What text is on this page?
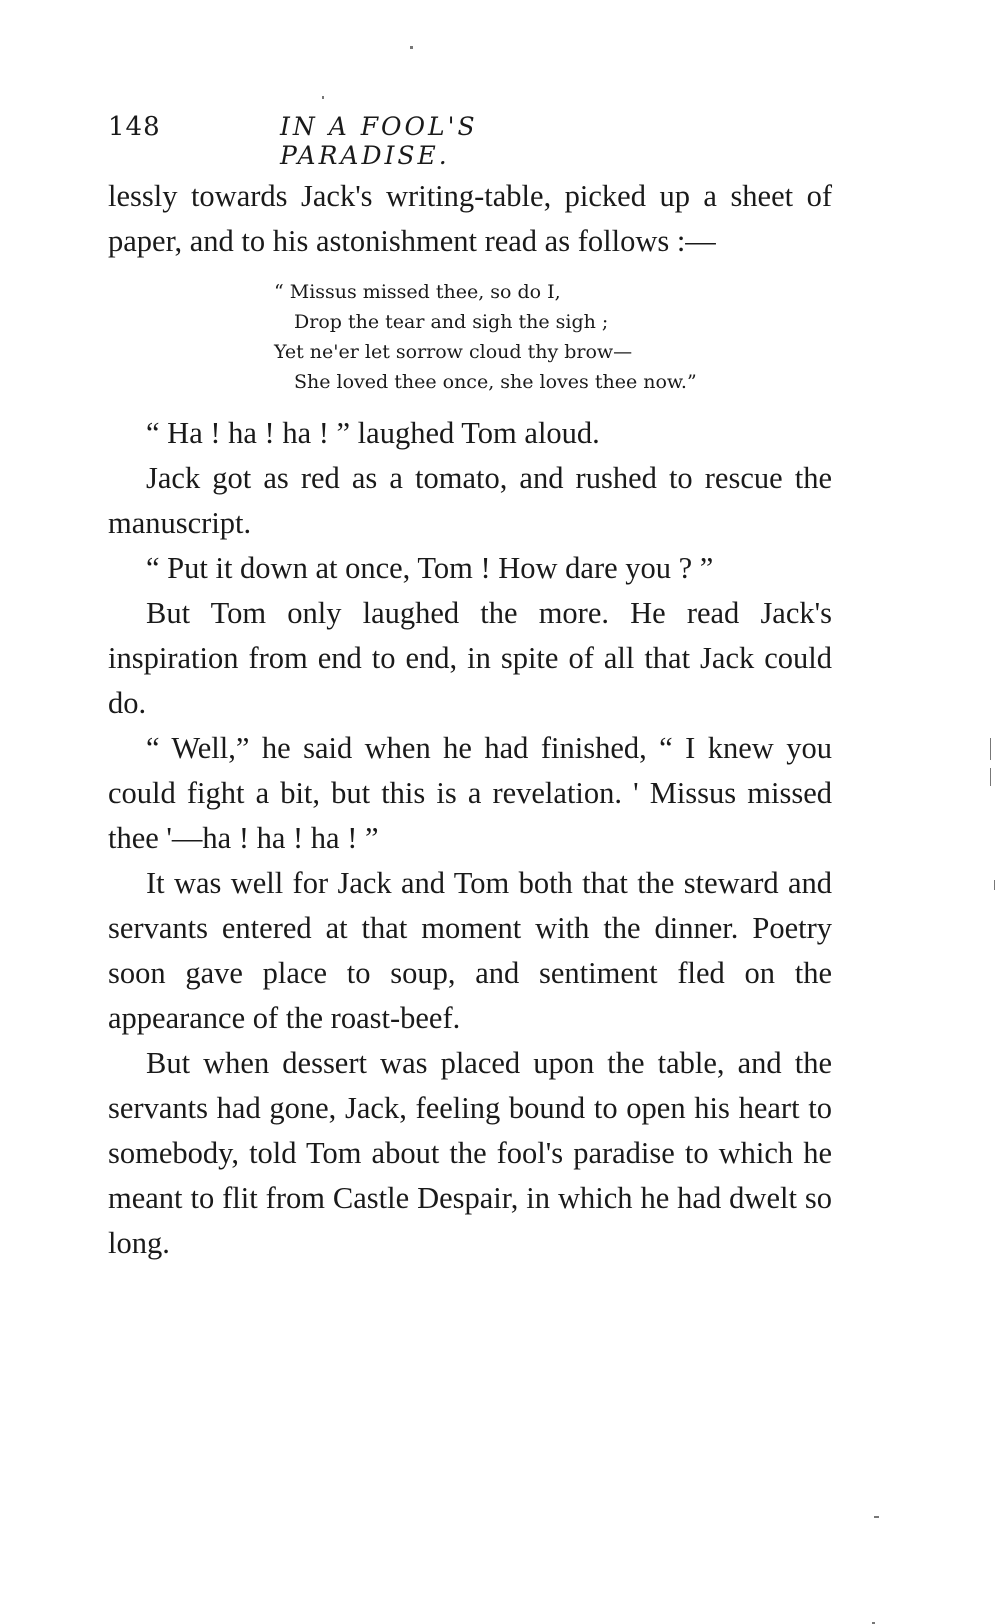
148	IN A FOOL'S PARADISE.

lessly towards Jack's writing-table, picked up a sheet of paper, and to his astonishment read as follows :—

“ Missus missed thee, so do I,
Drop the tear and sigh the sigh ;
Yet ne'er let sorrow cloud thy brow—
She loved thee once, she loves thee now.”

“ Ha ! ha ! ha ! ” laughed Tom aloud.

Jack got as red as a tomato, and rushed to rescue the manuscript.

“ Put it down at once, Tom ! How dare you ? ”

But Tom only laughed the more. He read Jack's inspiration from end to end, in spite of all that Jack could do.

“ Well,” he said when he had finished, “ I knew you could fight a bit, but this is a revelation. ' Missus missed thee '—ha ! ha ! ha ! ”

It was well for Jack and Tom both that the steward and servants entered at that moment with the dinner. Poetry soon gave place to soup, and sentiment fled on the appearance of the roast-beef.

But when dessert was placed upon the table, and the servants had gone, Jack, feeling bound to open his heart to somebody, told Tom about the fool's paradise to which he meant to flit from Castle Despair, in which he had dwelt so long.
